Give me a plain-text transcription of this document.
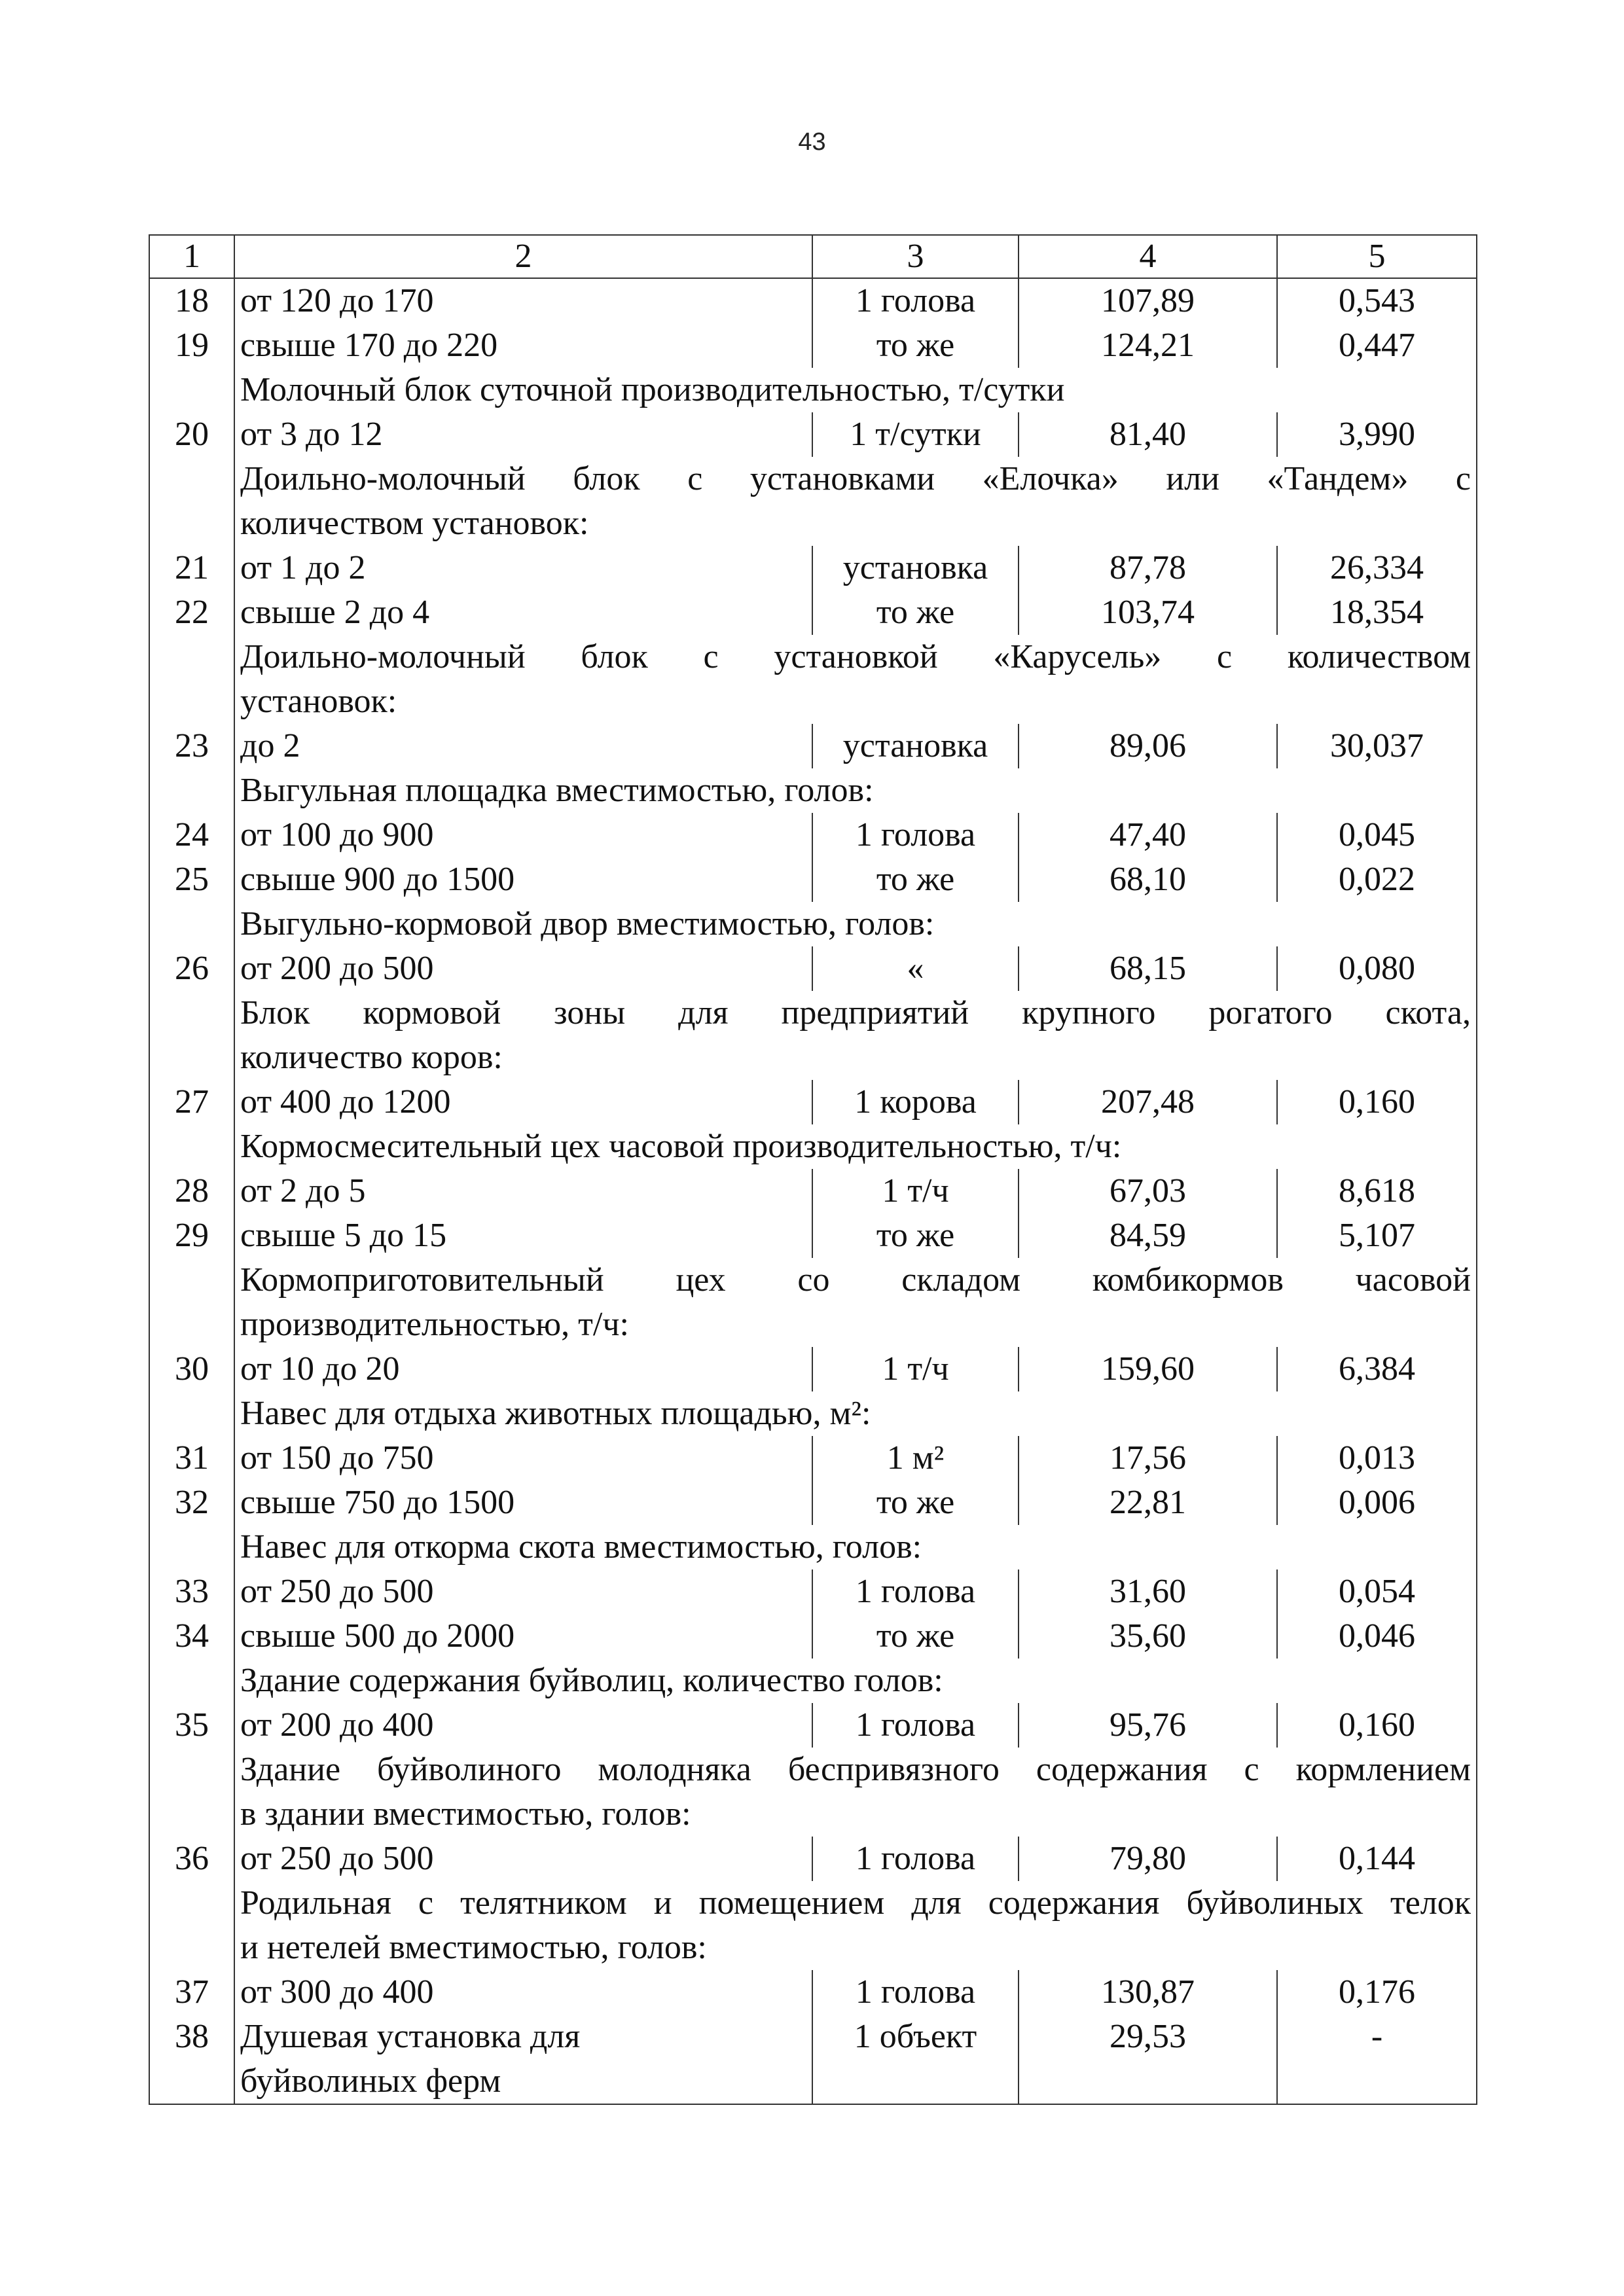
43
1	2	3	4	5
18	от 120 до 170	1 голова	107,89	0,543
19	свыше 170 до 220	то же	124,21	0,447
	Молочный блок суточной производительностью, т/сутки			
20	от 3 до 12	1 т/сутки	81,40	3,990
	Доильно-молочный блок с установками «Елочка» или «Тандем» с			
	количеством установок:			
21	от 1 до 2	установка	87,78	26,334
22	свыше 2 до 4	то же	103,74	18,354
	Доильно-молочный блок с установкой «Карусель» с количеством			
	установок:			
23	до 2	установка	89,06	30,037
	Выгульная площадка вместимостью, голов:			
24	от 100 до 900	1 голова	47,40	0,045
25	свыше 900 до 1500	то же	68,10	0,022
	Выгульно-кормовой двор вместимостью, голов:			
26	от 200 до 500	«	68,15	0,080
	Блок кормовой зоны для предприятий крупного рогатого скота,			
	количество коров:			
27	от 400 до 1200	1 корова	207,48	0,160
	Кормосмесительный цех часовой производительностью, т/ч:			
28	от 2 до 5	1 т/ч	67,03	8,618
29	свыше 5 до 15	то же	84,59	5,107
	Кормоприготовительный цех со складом комбикормов часовой			
	производительностью, т/ч:			
30	от 10 до 20	1 т/ч	159,60	6,384
	Навес для отдыха животных площадью, м²:			
31	от 150 до 750	1 м²	17,56	0,013
32	свыше 750 до 1500	то же	22,81	0,006
	Навес для откорма скота вместимостью, голов:			
33	от 250 до 500	1 голова	31,60	0,054
34	свыше 500 до 2000	то же	35,60	0,046
	Здание содержания буйволиц, количество голов:			
35	от 200 до 400	1 голова	95,76	0,160
	Здание буйволиного молодняка беспривязного содержания с кормлением			
	в здании вместимостью, голов:			
36	от 250 до 500	1 голова	79,80	0,144
	Родильная с телятником и помещением для содержания буйволиных телок			
	и нетелей вместимостью, голов:			
37	от 300 до 400	1 голова	130,87	0,176
38	Душевая установка для	1 объект	29,53	-
	буйволиных ферм			
